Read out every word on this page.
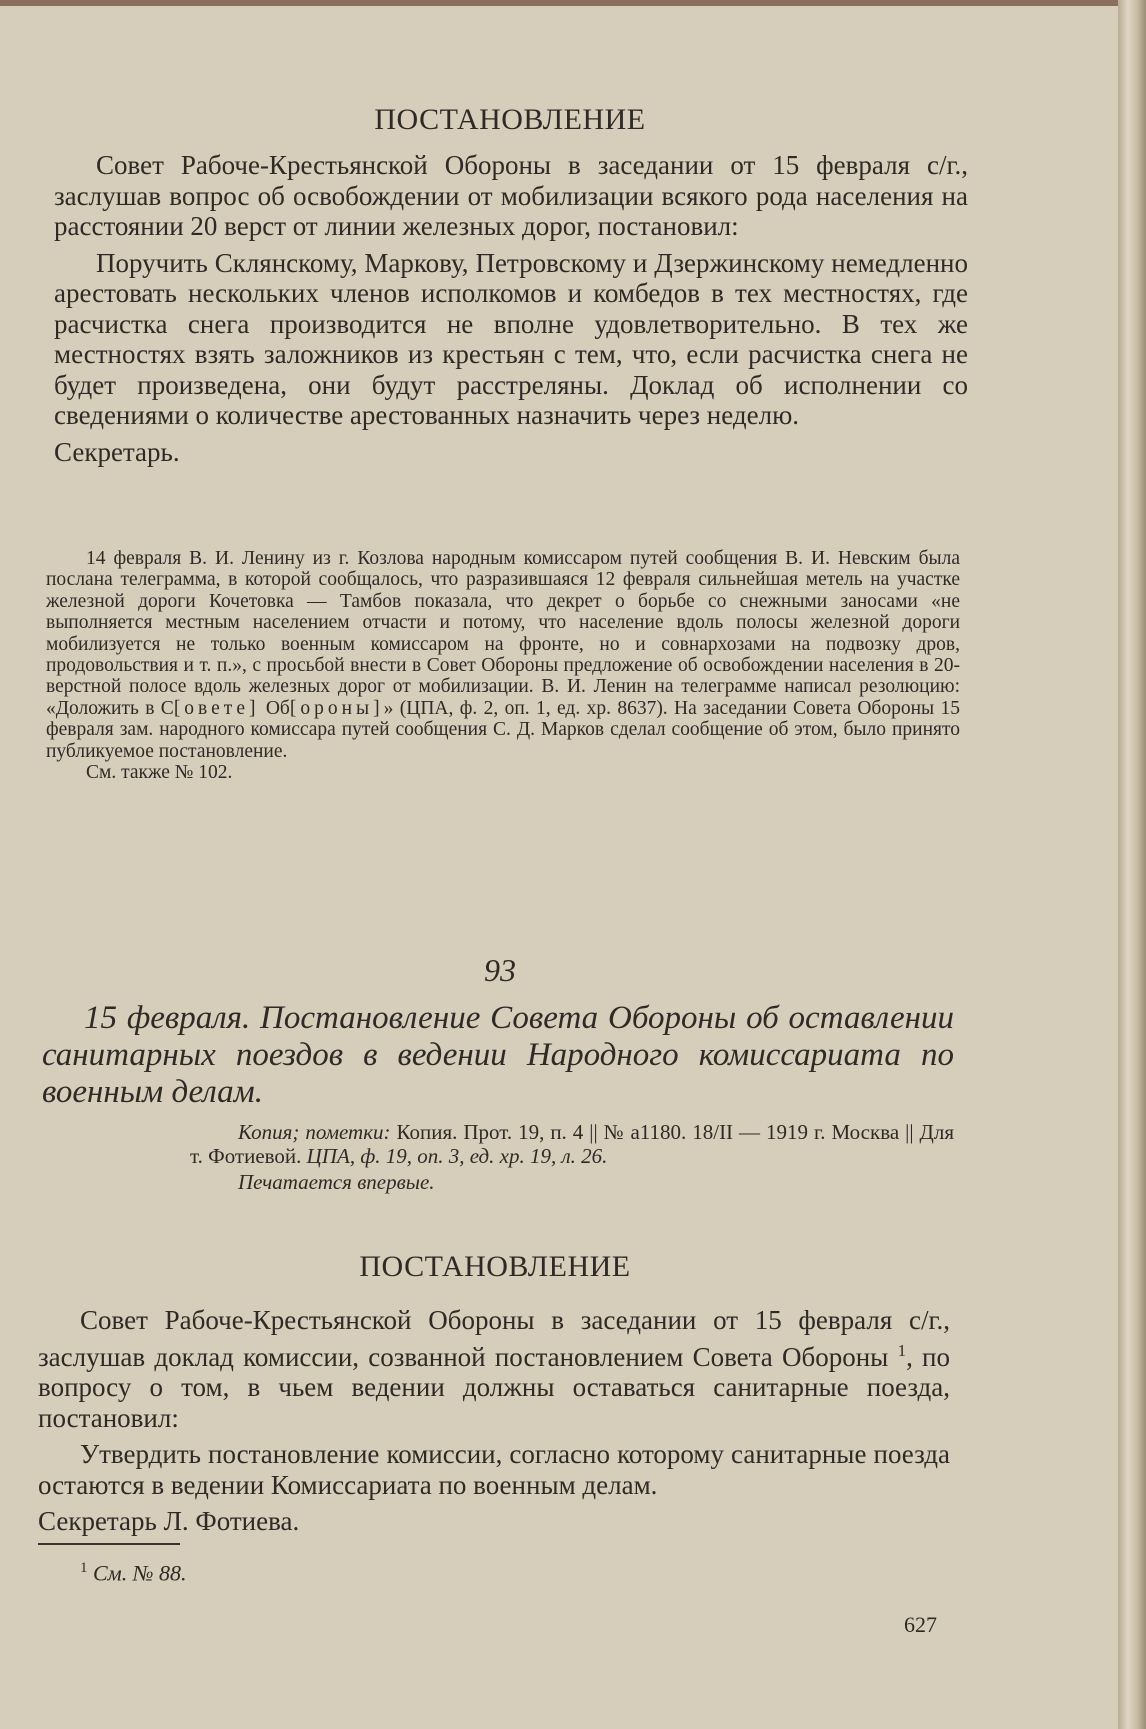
ПОСТАНОВЛЕНИЕ

Совет Рабоче-Крестьянской Обороны в заседании от 15 февраля с/г., заслушав вопрос об освобождении от мобилизации всякого рода населения на расстоянии 20 верст от линии железных дорог, постановил:

Поручить Склянскому, Маркову, Петровскому и Дзержинскому немедленно арестовать нескольких членов исполкомов и комбедов в тех местностях, где расчистка снега производится не вполне удовлетворительно. В тех же местностях взять заложников из крестьян с тем, что, если расчистка снега не будет произведена, они будут расстреляны. Доклад об исполнении со сведениями о количестве арестованных назначить через неделю.

Секретарь.

14 февраля В. И. Ленину из г. Козлова народным комиссаром путей сообщения В. И. Невским была послана телеграмма, в которой сообщалось, что разразившаяся 12 февраля сильнейшая метель на участке железной дороги Кочетовка — Тамбов показала, что декрет о борьбе со снежными заносами «не выполняется местным населением отчасти и потому, что население вдоль полосы железной дороги мобилизуется не только военным комиссаром на фронте, но и совнархозами на подвозку дров, продовольствия и т. п.», с просьбой внести в Совет Обороны предложение об освобождении населения в 20-верстной полосе вдоль железных дорог от мобилизации. В. И. Ленин на телеграмме написал резолюцию: «Доложить в С[овете] Об[ороны]» (ЦПА, ф. 2, оп. 1, ед. хр. 8637). На заседании Совета Обороны 15 февраля зам. народного комиссара путей сообщения С. Д. Марков сделал сообщение об этом, было принято публикуемое постановление.

См. также № 102.

93

15 февраля. Постановление Совета Обороны об оставлении санитарных поездов в ведении Народного комиссариата по военным делам.

Копия; пометки: Копия. Прот. 19, п. 4 || № а1180. 18/II — 1919 г. Москва || Для т. Фотиевой. ЦПА, ф. 19, оп. 3, ед. хр. 19, л. 26.

Печатается впервые.

ПОСТАНОВЛЕНИЕ

Совет Рабоче-Крестьянской Обороны в заседании от 15 февраля с/г., заслушав доклад комиссии, созванной постановлением Совета Обороны $^1$, по вопросу о том, в чьем ведении должны оставаться санитарные поезда, постановил:

Утвердить постановление комиссии, согласно которому санитарные поезда остаются в ведении Комиссариата по военным делам.

Секретарь Л. Фотиева.
$^1$ См. № 88.
627
